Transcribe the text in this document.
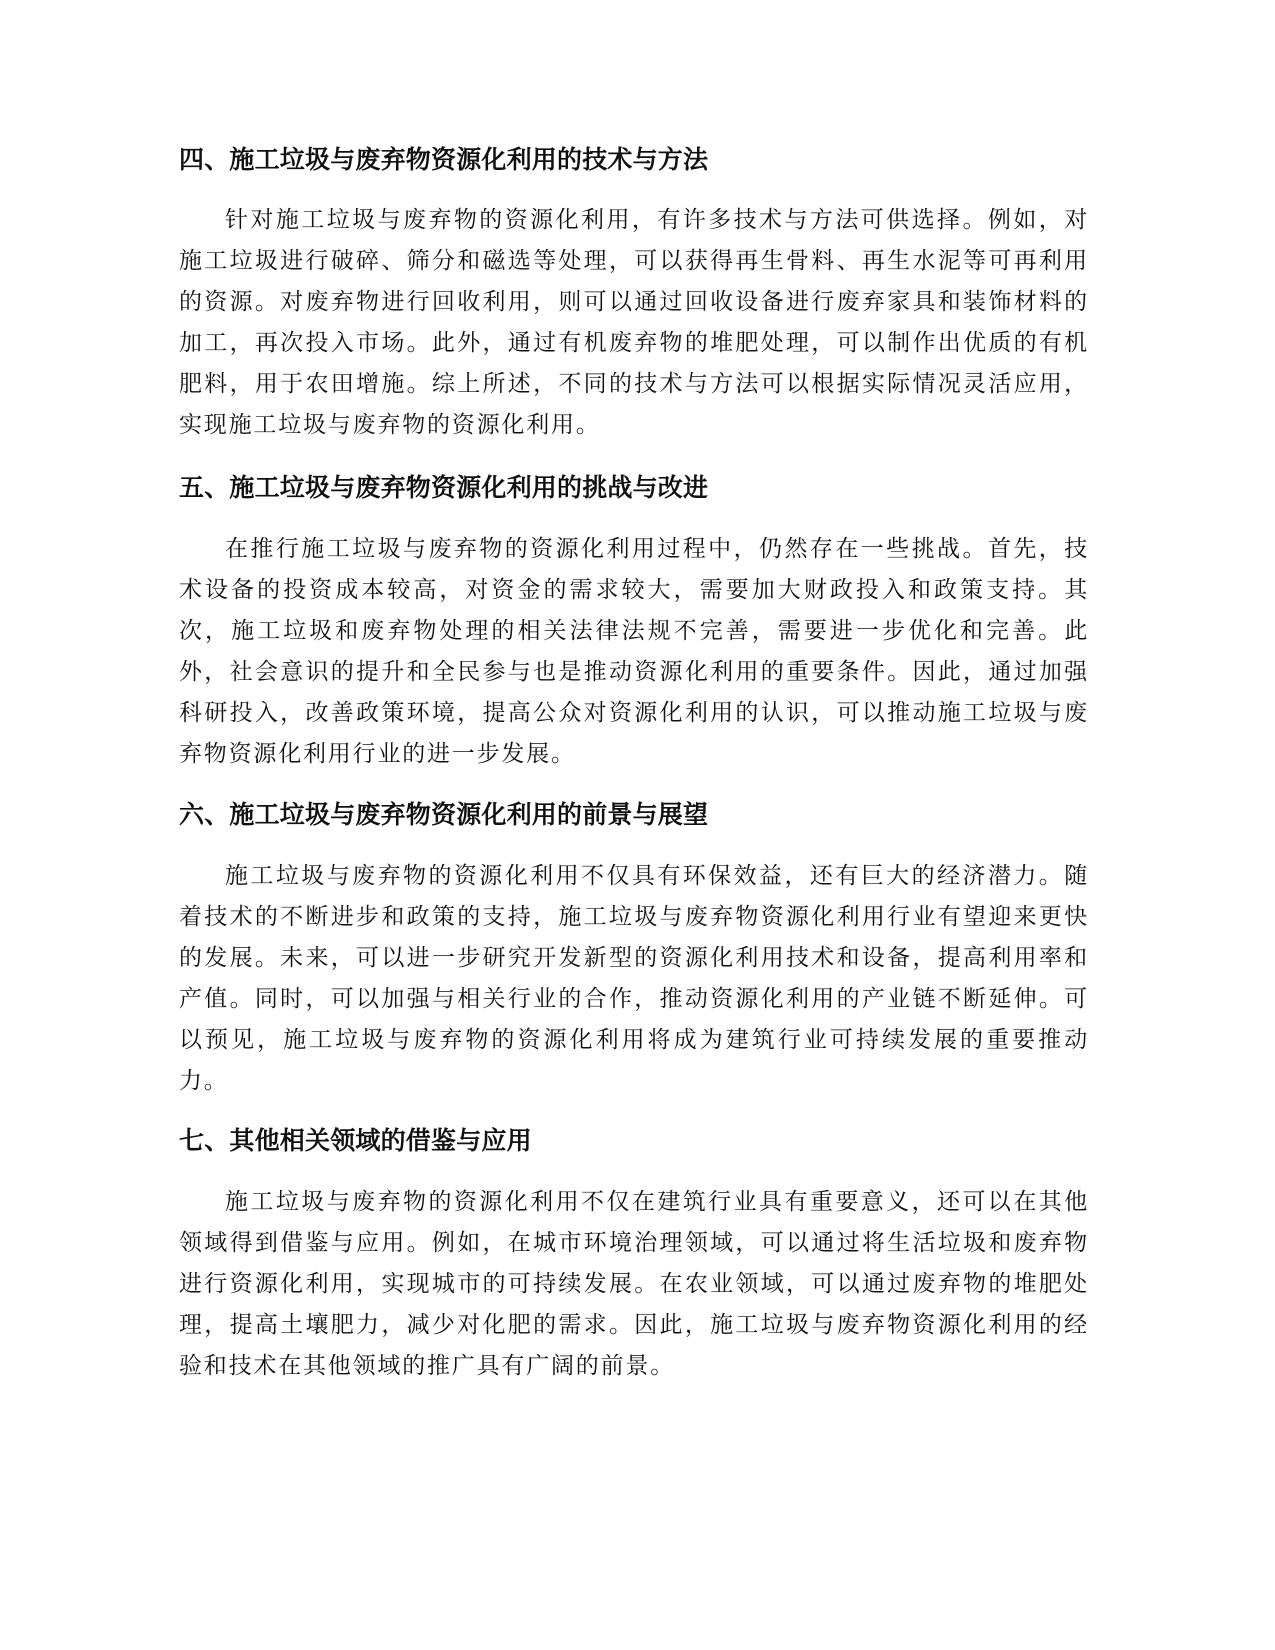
四、施工垃圾与废弃物资源化利用的技术与方法

针对施工垃圾与废弃物的资源化利用，有许多技术与方法可供选择。例如，对施工垃圾进行破碎、筛分和磁选等处理，可以获得再生骨料、再生水泥等可再利用的资源。对废弃物进行回收利用，则可以通过回收设备进行废弃家具和装饰材料的加工，再次投入市场。此外，通过有机废弃物的堆肥处理，可以制作出优质的有机肥料，用于农田增施。综上所述，不同的技术与方法可以根据实际情况灵活应用，实现施工垃圾与废弃物的资源化利用。

五、施工垃圾与废弃物资源化利用的挑战与改进

在推行施工垃圾与废弃物的资源化利用过程中，仍然存在一些挑战。首先，技术设备的投资成本较高，对资金的需求较大，需要加大财政投入和政策支持。其次，施工垃圾和废弃物处理的相关法律法规不完善，需要进一步优化和完善。此外，社会意识的提升和全民参与也是推动资源化利用的重要条件。因此，通过加强科研投入，改善政策环境，提高公众对资源化利用的认识，可以推动施工垃圾与废弃物资源化利用行业的进一步发展。

六、施工垃圾与废弃物资源化利用的前景与展望

施工垃圾与废弃物的资源化利用不仅具有环保效益，还有巨大的经济潜力。随着技术的不断进步和政策的支持，施工垃圾与废弃物资源化利用行业有望迎来更快的发展。未来，可以进一步研究开发新型的资源化利用技术和设备，提高利用率和产值。同时，可以加强与相关行业的合作，推动资源化利用的产业链不断延伸。可以预见，施工垃圾与废弃物的资源化利用将成为建筑行业可持续发展的重要推动力。

七、其他相关领域的借鉴与应用

施工垃圾与废弃物的资源化利用不仅在建筑行业具有重要意义，还可以在其他领域得到借鉴与应用。例如，在城市环境治理领域，可以通过将生活垃圾和废弃物进行资源化利用，实现城市的可持续发展。在农业领域，可以通过废弃物的堆肥处理，提高土壤肥力，减少对化肥的需求。因此，施工垃圾与废弃物资源化利用的经验和技术在其他领域的推广具有广阔的前景。
